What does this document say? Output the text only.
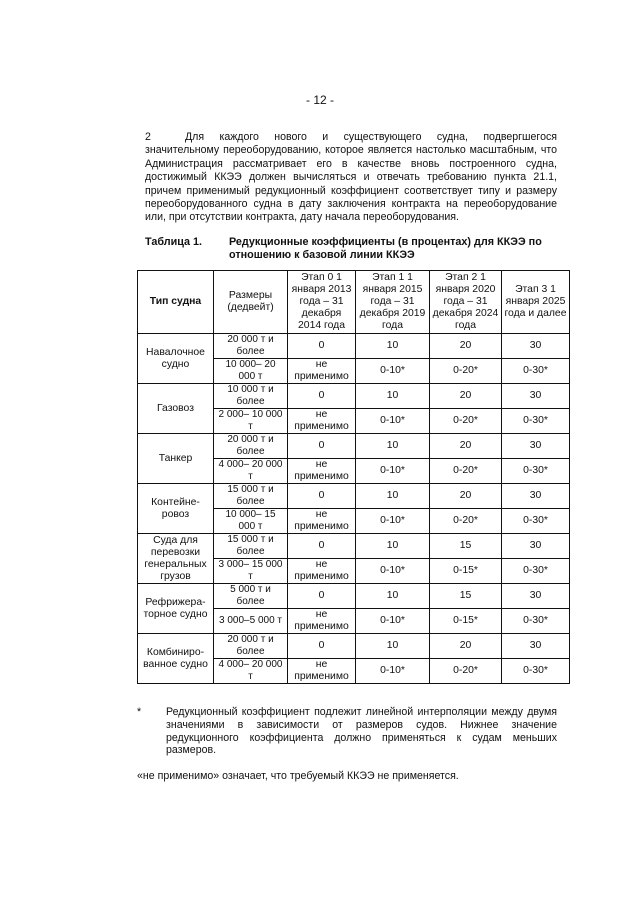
- 12 -
2	Для каждого нового и существующего судна, подвергшегося значительному переоборудованию, которое является настолько масштабным, что Администрация рассматривает его в качестве вновь построенного судна, достижимый ККЭЭ должен вычисляться и отвечать требованию пункта 21.1, причем применимый редукционный коэффициент соответствует типу и размеру переоборудованного судна в дату заключения контракта на переоборудование или, при отсутствии контракта, дату начала переоборудования.
Таблица 1. Редукционные коэффициенты (в процентах) для ККЭЭ по отношению к базовой линии ККЭЭ
Тип судна	Размеры (дедвейт)	Этап 0 1 января 2013 года – 31 декабря 2014 года	Этап 1 1 января 2015 года – 31 декабря 2019 года	Этап 2 1 января 2020 года – 31 декабря 2024 года	Этап 3 1 января 2025 года и далее
Навалочное судно	20 000 т и более	0	10	20	30
	10 000– 20 000 т	не применимо	0-10*	0-20*	0-30*
Газовоз	10 000 т и более	0	10	20	30
	2 000– 10 000 т	не применимо	0-10*	0-20*	0-30*
Танкер	20 000 т и более	0	10	20	30
	4 000– 20 000 т	не применимо	0-10*	0-20*	0-30*
Контейне- ровоз	15 000 т и более	0	10	20	30
	10 000– 15 000 т	не применимо	0-10*	0-20*	0-30*
Суда для перевозки генеральных грузов	15 000 т и более	0	10	15	30
	3 000– 15 000 т	не применимо	0-10*	0-15*	0-30*
Рефрижера- торное судно	5 000 т и более	0	10	15	30
	3 000–5 000 т	не применимо	0-10*	0-15*	0-30*
Комбиниро- ванное судно	20 000 т и более	0	10	20	30
	4 000– 20 000 т	не применимо	0-10*	0-20*	0-30*
* Редукционный коэффициент подлежит линейной интерполяции между двумя значениями в зависимости от размеров судов. Нижнее значение редукционного коэффициента должно применяться к судам меньших размеров.
«не применимо» означает, что требуемый ККЭЭ не применяется.
